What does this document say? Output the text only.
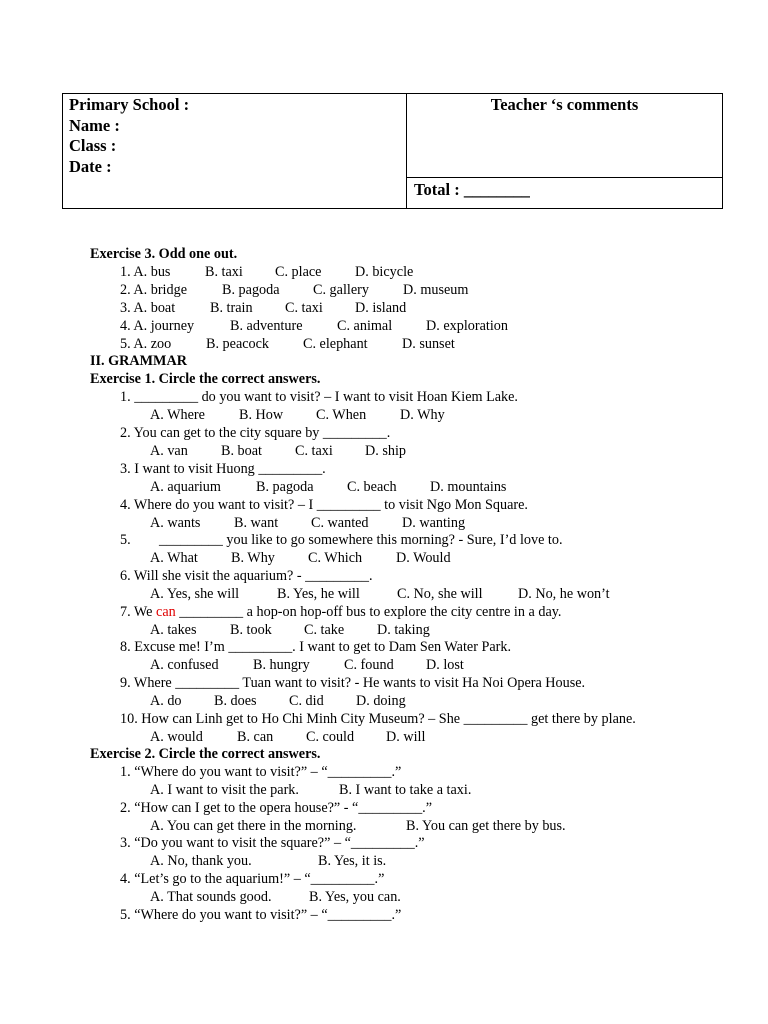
Primary School :
Name :
Class :
Date :
Teacher ‘s comments
Total : ________
Exercise 3. Odd one out.
1. A. bus B. taxi C. place D. bicycle
2. A. bridge B. pagoda C. gallery D. museum
3. A. boat B. train C. taxi D. island
4. A. journey	B. adventure C. animal D. exploration
5. A. zoo B. peacock C. elephant D. sunset
II. GRAMMAR
Exercise 1. Circle the correct answers.
1. _________ do you want to visit? – I want to visit Hoan Kiem Lake.
A. Where B. How C. When D. Why
2. You can get to the city square by _________.
A. van B. boat C. taxi D. ship
3. I want to visit Huong _________.
A. aquarium B. pagoda C. beach D. mountains
4. Where do you want to visit? – I _________ to visit Ngo Mon Square.
A. wants B. want C. wanted D. wanting
5.        _________ you like to go somewhere this morning? - Sure, I’d love to.
A. What B. Why C. Which D. Would
6. Will she visit the aquarium? - _________.
A. Yes, she will	B. Yes, he will	C. No, she will D. No, he won’t
7. We can _________ a hop-on hop-off bus to explore the city centre in a day.
A. takes B. took C. take D. taking
8. Excuse me! I’m _________. I want to get to Dam Sen Water Park.
A. confused B. hungry C. found D. lost
9. Where _________ Tuan want to visit? - He wants to visit Ha Noi Opera House.
A. do B. does C. did D. doing
10. How can Linh get to Ho Chi Minh City Museum? – She _________ get there by plane.
A. would B. can C. could D. will
Exercise 2. Circle the correct answers.
1. “Where do you want to visit?” – “_________.”
A. I want to visit the park.	B. I want to take a taxi.
2. “How can I get to the opera house?” - “_________.”
A. You can get there in the morning.	B. You can get there by bus.
3. “Do you want to visit the square?” – “_________.”
A. No, thank you.	B. Yes, it is.
4. “Let’s go to the aquarium!” – “_________.”
A. That sounds good.	B. Yes, you can.
5. “Where do you want to visit?” – “_________.”
